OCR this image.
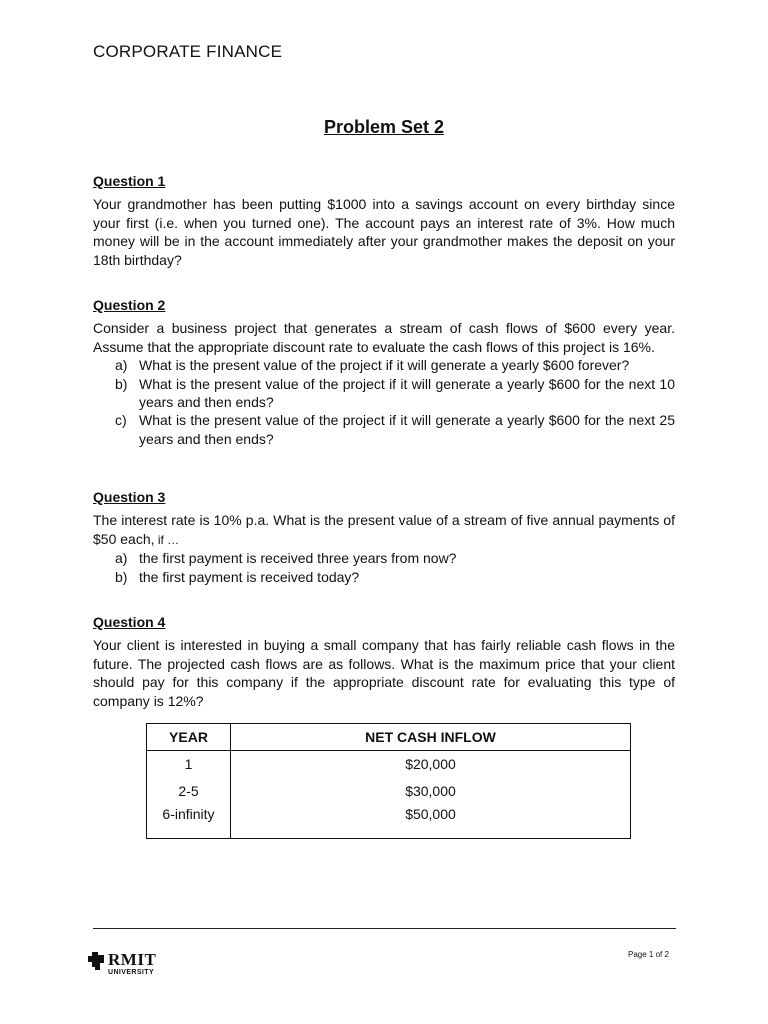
CORPORATE FINANCE
Problem Set 2
Question 1
Your grandmother has been putting $1000 into a savings account on every birthday since your first (i.e. when you turned one). The account pays an interest rate of 3%. How much money will be in the account immediately after your grandmother makes the deposit on your 18th birthday?
Question 2
Consider a business project that generates a stream of cash flows of $600 every year. Assume that the appropriate discount rate to evaluate the cash flows of this project is 16%.
a) What is the present value of the project if it will generate a yearly $600 forever?
b) What is the present value of the project if it will generate a yearly $600 for the next 10 years and then ends?
c) What is the present value of the project if it will generate a yearly $600 for the next 25 years and then ends?
Question 3
The interest rate is 10% p.a. What is the present value of a stream of five annual payments of $50 each, if …
a) the first payment is received three years from now?
b) the first payment is received today?
Question 4
Your client is interested in buying a small company that has fairly reliable cash flows in the future. The projected cash flows are as follows. What is the maximum price that your client should pay for this company if the appropriate discount rate for evaluating this type of company is 12%?
YEAR	NET CASH INFLOW
1	$20,000
2-5	$30,000
6-infinity	$50,000
RMIT
UNIVERSITY
Page 1 of 2
